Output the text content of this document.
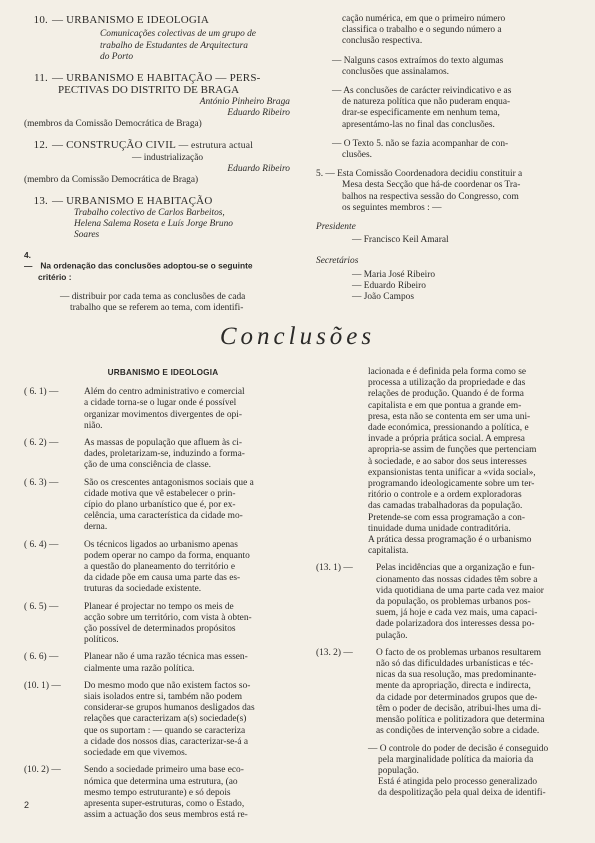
10. — URBANISMO E IDEOLOGIA
Comunicações colectivas de um grupo de
trabalho de Estudantes de Arquitectura
do Porto
11. — URBANISMO E HABITAÇÃO — PERS-
PECTIVAS DO DISTRITO DE BRAGA
António Pinheiro Braga
Eduardo Ribeiro
(membros da Comissão Democrática de Braga)
12. — CONSTRUÇÃO CIVIL — estrutura actual
— industrialização
Eduardo Ribeiro
(membro da Comissão Democrática de Braga)
13. — URBANISMO E HABITAÇÃO
Trabalho colectivo de Carlos Barbeitos,
Helena Salema Roseta e Luís Jorge Bruno
Soares
4. — Na ordenação das conclusões adoptou-se o seguinte
critério :
— distribuir por cada tema as conclusões de cada
trabalho que se referem ao tema, com identifi-
cação numérica, em que o primeiro número
classifica o trabalho e o segundo número a
conclusão respectiva.
— Nalguns casos extraímos do texto algumas
conclusões que assinalamos.
— As conclusões de carácter reivindicativo e as
de natureza política que não puderam enqua-
drar-se especificamente em nenhum tema,
apresentámo-las no final das conclusões.
— O Texto 5. não se fazia acompanhar de con-
clusões.
5. — Esta Comissão Coordenadora decidiu constituir a
Mesa desta Secção que há-de coordenar os Tra-
balhos na respectiva sessão do Congresso, com
os seguintes membros : —
Presidente
— Francisco Keil Amaral
Secretários
— Maria José Ribeiro
— Eduardo Ribeiro
— João Campos
Conclusões
URBANISMO E IDEOLOGIA
( 6. 1) —	Além do centro administrativo e comercial
a cidade torna-se o lugar onde é possível
organizar movimentos divergentes de opi-
nião.
( 6. 2) —	As massas de população que afluem às ci-
dades, proletarizam-se, induzindo a forma-
ção de uma consciência de classe.
( 6. 3) —	São os crescentes antagonismos sociais que a
cidade motiva que vê estabelecer o prin-
cípio do plano urbanístico que é, por ex-
celência, uma característica da cidade mo-
derna.
( 6. 4) —	Os técnicos ligados ao urbanismo apenas
podem operar no campo da forma, enquanto
a questão do planeamento do território e
da cidade põe em causa uma parte das es-
truturas da sociedade existente.
( 6. 5) —	Planear é projectar no tempo os meis de
acção sobre um território, com vista à obten-
ção possível de determinados propósitos
políticos.
( 6. 6) —	Planear não é uma razão técnica mas essen-
cialmente uma razão política.
(10. 1) —	Do mesmo modo que não existem factos so-
siais isolados entre si, também não podem
considerar-se grupos humanos desligados das
relações que caracterizam a(s) sociedade(s)
que os suportam : — quando se caracteriza
a cidade dos nossos dias, caracterizar-se-á a
sociedade em que vivemos.
(10. 2) —	Sendo a sociedade primeiro uma base eco-
nómica que determina uma estrutura, (ao
mesmo tempo estruturante) e só depois
apresenta super-estruturas, como o Estado,
assim a actuação dos seus membros está re-
lacionada e é definida pela forma como se
processa a utilização da propriedade e das
relações de produção. Quando é de forma
capitalista e em que pontua a grande em-
presa, esta não se contenta em ser uma uni-
dade económica, pressionando a política, e
invade a própria prática social. A empresa
apropria-se assim de funções que pertenciam
à sociedade, e ao sabor dos seus interesses
expansionistas tenta unificar a «vida social»,
programando ideologicamente sobre um ter-
ritório o controle e a ordem exploradoras
das camadas trabalhadoras da população.
Pretende-se com essa programação a con-
tinuidade duma unidade contraditória.
A prática dessa programação é o urbanismo
capitalista.
(13. 1) —	Pelas incidências que a organização e fun-
cionamento das nossas cidades têm sobre a
vida quotidiana de uma parte cada vez maior
da população, os problemas urbanos pos-
suem, já hoje e cada vez mais, uma capaci-
dade polarizadora dos interesses dessa po-
pulação.
(13. 2) —	O facto de os problemas urbanos resultarem
não só das dificuldades urbanísticas e téc-
nicas da sua resolução, mas predominante-
mente da apropriação, directa e indirecta,
da cidade por determinados grupos que de-
têm o poder de decisão, atribui-lhes uma di-
mensão política e politizadora que determina
as condições de intervenção sobre a cidade.
— O controle do poder de decisão é conseguido
pela marginalidade política da maioria da
população.
Está é atingida pelo processo generalizado
da despolitização pela qual deixa de identifi-
2
